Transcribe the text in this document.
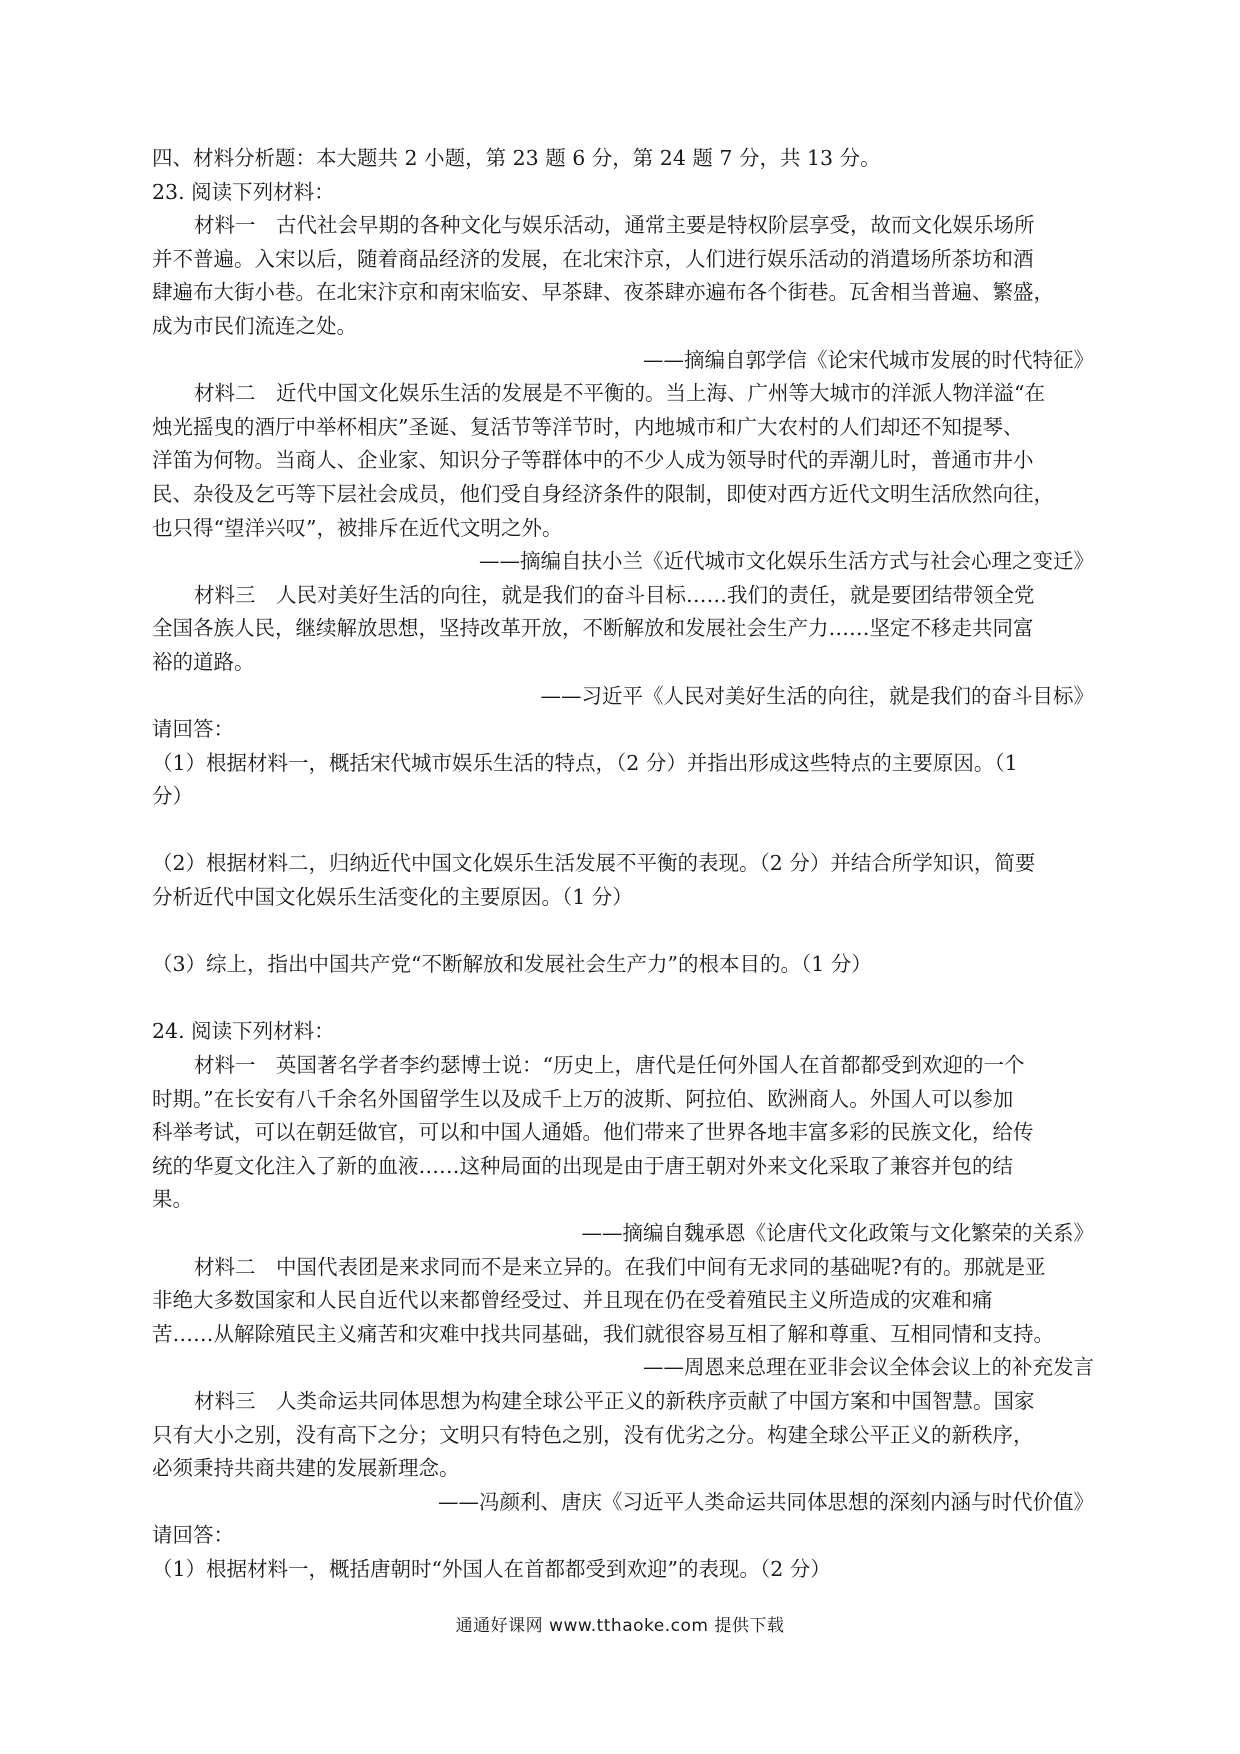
四、材料分析题：本大题共 2 小题，第 23 题 6 分，第 24 题 7 分，共 13 分。
23. 阅读下列材料：
材料一　古代社会早期的各种文化与娱乐活动，通常主要是特权阶层享受，故而文化娱乐场所
并不普遍。入宋以后，随着商品经济的发展，在北宋汴京，人们进行娱乐活动的消遣场所茶坊和酒
肆遍布大街小巷。在北宋汴京和南宋临安、早茶肆、夜茶肆亦遍布各个街巷。瓦舍相当普遍、繁盛，
成为市民们流连之处。
——摘编自郭学信《论宋代城市发展的时代特征》
材料二　近代中国文化娱乐生活的发展是不平衡的。当上海、广州等大城市的洋派人物洋溢“在
烛光摇曳的酒厅中举杯相庆”圣诞、复活节等洋节时，内地城市和广大农村的人们却还不知提琴、
洋笛为何物。当商人、企业家、知识分子等群体中的不少人成为领导时代的弄潮儿时，普通市井小
民、杂役及乞丐等下层社会成员，他们受自身经济条件的限制，即使对西方近代文明生活欣然向往，
也只得“望洋兴叹”，被排斥在近代文明之外。
——摘编自扶小兰《近代城市文化娱乐生活方式与社会心理之变迁》
材料三　人民对美好生活的向往，就是我们的奋斗目标……我们的责任，就是要团结带领全党
全国各族人民，继续解放思想，坚持改革开放，不断解放和发展社会生产力……坚定不移走共同富
裕的道路。
——习近平《人民对美好生活的向往，就是我们的奋斗目标》
请回答：
（1）根据材料一，概括宋代城市娱乐生活的特点，（2 分）并指出形成这些特点的主要原因。（1
分）
（2）根据材料二，归纳近代中国文化娱乐生活发展不平衡的表现。（2 分）并结合所学知识，简要
分析近代中国文化娱乐生活变化的主要原因。（1 分）
（3）综上，指出中国共产党“不断解放和发展社会生产力”的根本目的。（1 分）
24. 阅读下列材料：
材料一　英国著名学者李约瑟博士说：“历史上，唐代是任何外国人在首都都受到欢迎的一个
时期。”在长安有八千余名外国留学生以及成千上万的波斯、阿拉伯、欧洲商人。外国人可以参加
科举考试，可以在朝廷做官，可以和中国人通婚。他们带来了世界各地丰富多彩的民族文化，给传
统的华夏文化注入了新的血液……这种局面的出现是由于唐王朝对外来文化采取了兼容并包的结
果。
——摘编自魏承恩《论唐代文化政策与文化繁荣的关系》
材料二　中国代表团是来求同而不是来立异的。在我们中间有无求同的基础呢?有的。那就是亚
非绝大多数国家和人民自近代以来都曾经受过、并且现在仍在受着殖民主义所造成的灾难和痛
苦……从解除殖民主义痛苦和灾难中找共同基础，我们就很容易互相了解和尊重、互相同情和支持。
——周恩来总理在亚非会议全体会议上的补充发言
材料三　人类命运共同体思想为构建全球公平正义的新秩序贡献了中国方案和中国智慧。国家
只有大小之别，没有高下之分；文明只有特色之别，没有优劣之分。构建全球公平正义的新秩序，
必须秉持共商共建的发展新理念。
——冯颜利、唐庆《习近平人类命运共同体思想的深刻内涵与时代价值》
请回答：
（1）根据材料一，概括唐朝时“外国人在首都都受到欢迎”的表现。（2 分）
通通好课网 www.tthaoke.com 提供下载
